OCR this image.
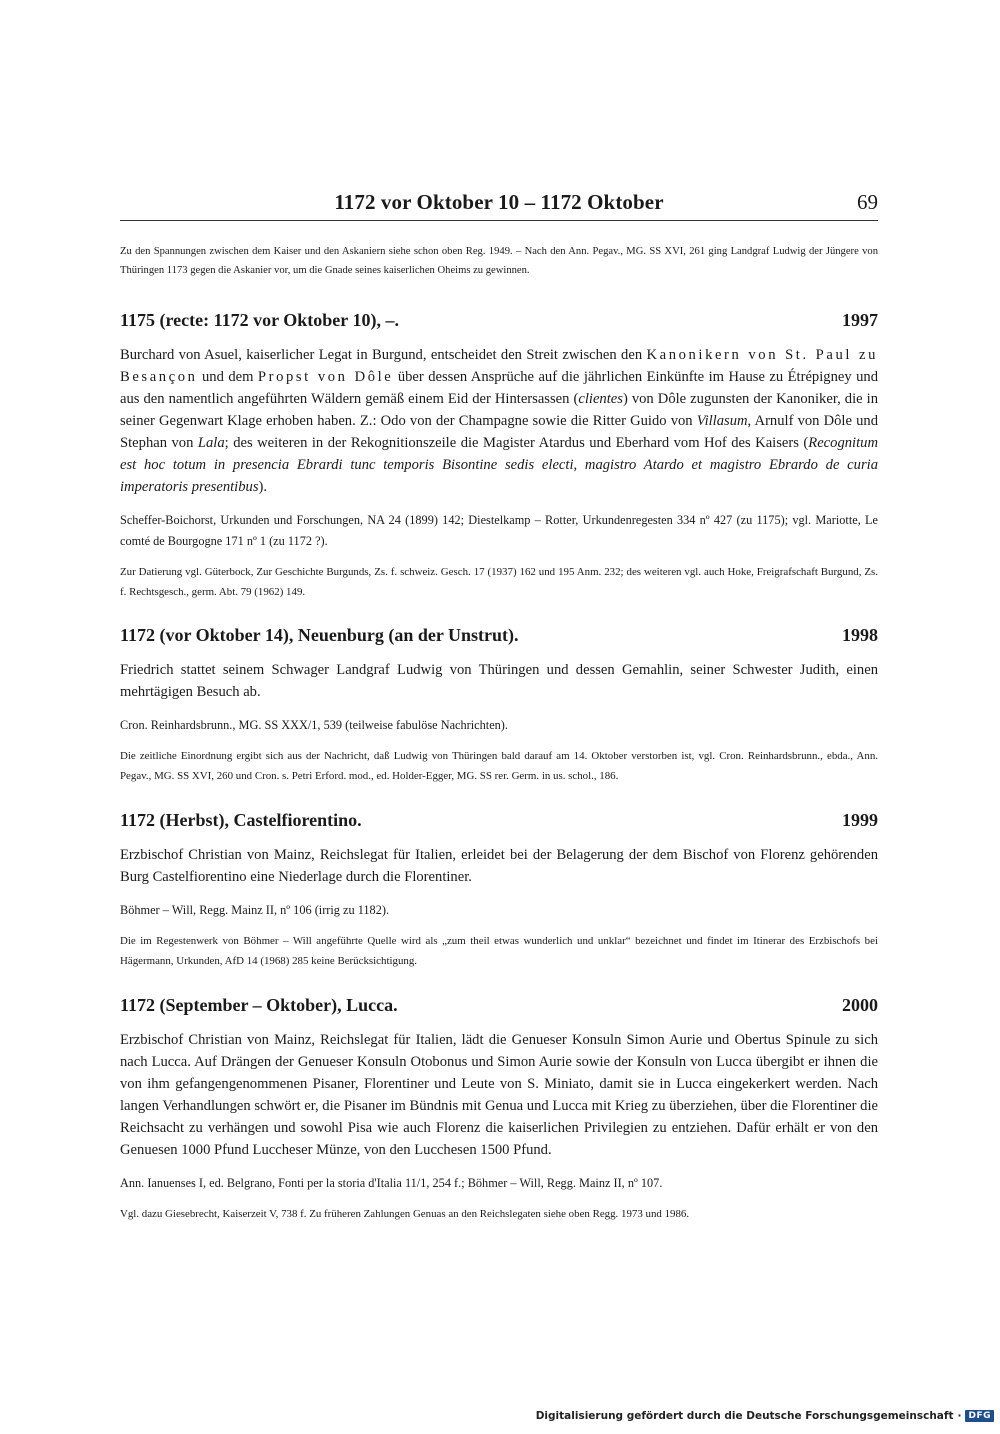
1172 vor Oktober 10 – 1172 Oktober	69
Zu den Spannungen zwischen dem Kaiser und den Askaniern siehe schon oben Reg. 1949. – Nach den Ann. Pegav., MG. SS XVI, 261 ging Landgraf Ludwig der Jüngere von Thüringen 1173 gegen die Askanier vor, um die Gnade seines kaiserlichen Oheims zu gewinnen.
1175 (recte: 1172 vor Oktober 10), –.	1997
Burchard von Asuel, kaiserlicher Legat in Burgund, entscheidet den Streit zwischen den Kanonikern von St. Paul zu Besançon und dem Propst von Dôle über dessen Ansprüche auf die jährlichen Einkünfte im Hause zu Étrépigney und aus den namentlich angeführten Wäldern gemäß einem Eid der Hintersassen (clientes) von Dôle zugunsten der Kanoniker, die in seiner Gegenwart Klage erhoben haben. Z.: Odo von der Champagne sowie die Ritter Guido von Villasum, Arnulf von Dôle und Stephan von Lala; des weiteren in der Rekognitionszeile die Magister Atardus und Eberhard vom Hof des Kaisers (Recognitum est hoc totum in presencia Ebrardi tunc temporis Bisontine sedis electi, magistro Atardo et magistro Ebrardo de curia imperatoris presentibus).
Scheffer-Boichorst, Urkunden und Forschungen, NA 24 (1899) 142; Diestelkamp – Rotter, Urkundenregesten 334 nº 427 (zu 1175); vgl. Mariotte, Le comté de Bourgogne 171 nº 1 (zu 1172 ?).
Zur Datierung vgl. Güterbock, Zur Geschichte Burgunds, Zs. f. schweiz. Gesch. 17 (1937) 162 und 195 Anm. 232; des weiteren vgl. auch Hoke, Freigrafschaft Burgund, Zs. f. Rechtsgesch., germ. Abt. 79 (1962) 149.
1172 (vor Oktober 14), Neuenburg (an der Unstrut).	1998
Friedrich stattet seinem Schwager Landgraf Ludwig von Thüringen und dessen Gemahlin, seiner Schwester Judith, einen mehrtägigen Besuch ab.
Cron. Reinhardsbrunn., MG. SS XXX/1, 539 (teilweise fabulöse Nachrichten).
Die zeitliche Einordnung ergibt sich aus der Nachricht, daß Ludwig von Thüringen bald darauf am 14. Oktober verstorben ist, vgl. Cron. Reinhardsbrunn., ebda., Ann. Pegav., MG. SS XVI, 260 und Cron. s. Petri Erford. mod., ed. Holder-Egger, MG. SS rer. Germ. in us. schol., 186.
1172 (Herbst), Castelfiorentino.	1999
Erzbischof Christian von Mainz, Reichslegat für Italien, erleidet bei der Belagerung der dem Bischof von Florenz gehörenden Burg Castelfiorentino eine Niederlage durch die Florentiner.
Böhmer – Will, Regg. Mainz II, nº 106 (irrig zu 1182).
Die im Regestenwerk von Böhmer – Will angeführte Quelle wird als „zum theil etwas wunderlich und unklar“ bezeichnet und findet im Itinerar des Erzbischofs bei Hägermann, Urkunden, AfD 14 (1968) 285 keine Berücksichtigung.
1172 (September – Oktober), Lucca.	2000
Erzbischof Christian von Mainz, Reichslegat für Italien, lädt die Genueser Konsuln Simon Aurie und Obertus Spinule zu sich nach Lucca. Auf Drängen der Genueser Konsuln Otobonus und Simon Aurie sowie der Konsuln von Lucca übergibt er ihnen die von ihm gefangengenommenen Pisaner, Florentiner und Leute von S. Miniato, damit sie in Lucca eingekerkert werden. Nach langen Verhandlungen schwört er, die Pisaner im Bündnis mit Genua und Lucca mit Krieg zu überziehen, über die Florentiner die Reichsacht zu verhängen und sowohl Pisa wie auch Florenz die kaiserlichen Privilegien zu entziehen. Dafür erhält er von den Genuesen 1000 Pfund Luccheser Münze, von den Lucchesen 1500 Pfund.
Ann. Ianuenses I, ed. Belgrano, Fonti per la storia d'Italia 11/1, 254 f.; Böhmer – Will, Regg. Mainz II, nº 107.
Vgl. dazu Giesebrecht, Kaiserzeit V, 738 f. Zu früheren Zahlungen Genuas an den Reichslegaten siehe oben Regg. 1973 und 1986.
Digitalisierung gefördert durch die Deutsche Forschungsgemeinschaft · DFG
